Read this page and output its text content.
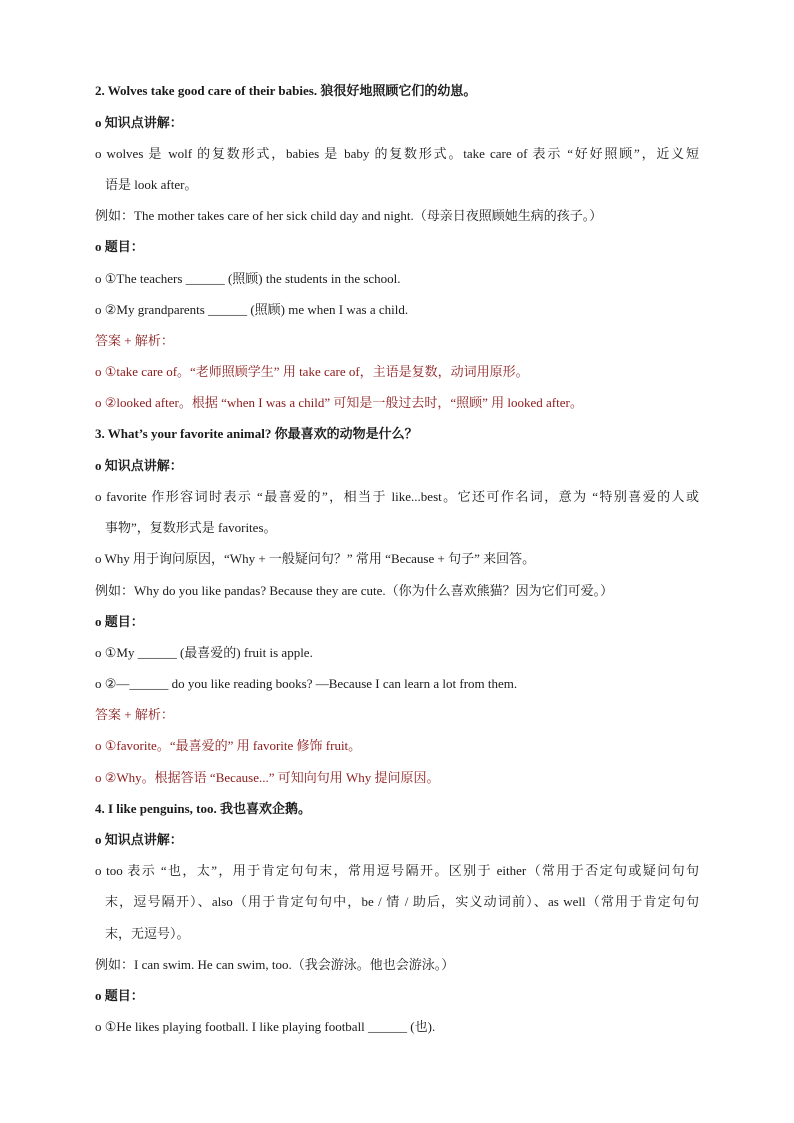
2. Wolves take good care of their babies. 狼很好地照顾它们的幼崽。
o 知识点讲解：
o wolves 是 wolf 的复数形式，babies 是 baby 的复数形式。take care of 表示 “好好照顾”，近义短
语是 look after。
例如：The mother takes care of her sick child day and night.（母亲日夜照顾她生病的孩子。）
o 题目：
o ①The teachers ______ (照顾) the students in the school.
o ②My grandparents ______ (照顾) me when I was a child.
答案 + 解析：
o ①take care of。“老师照顾学生” 用 take care of，主语是复数，动词用原形。
o ②looked after。根据 “when I was a child” 可知是一般过去时，“照顾” 用 looked after。
3. What’s your favorite animal? 你最喜欢的动物是什么？
o 知识点讲解：
o favorite 作形容词时表示 “最喜爱的”，相当于 like...best。它还可作名词，意为 “特别喜爱的人或
事物”，复数形式是 favorites。
o Why 用于询问原因，“Why + 一般疑问句？” 常用 “Because + 句子” 来回答。
例如：Why do you like pandas? Because they are cute.（你为什么喜欢熊猫？因为它们可爱。）
o 题目：
o ①My ______ (最喜爱的) fruit is apple.
o ②—______ do you like reading books? —Because I can learn a lot from them.
答案 + 解析：
o ①favorite。“最喜爱的” 用 favorite 修饰 fruit。
o ②Why。根据答语 “Because...” 可知向句用 Why 提问原因。
4. I like penguins, too. 我也喜欢企鹅。
o 知识点讲解：
o too 表示 “也，太”，用于肯定句句末，常用逗号隔开。区别于 either（常用于否定句或疑问句句
末，逗号隔开）、also（用于肯定句句中，be / 情 / 助后，实义动词前）、as well（常用于肯定句句
末，无逗号）。
例如：I can swim. He can swim, too.（我会游泳。他也会游泳。）
o 题目：
o ①He likes playing football. I like playing football ______ (也).
